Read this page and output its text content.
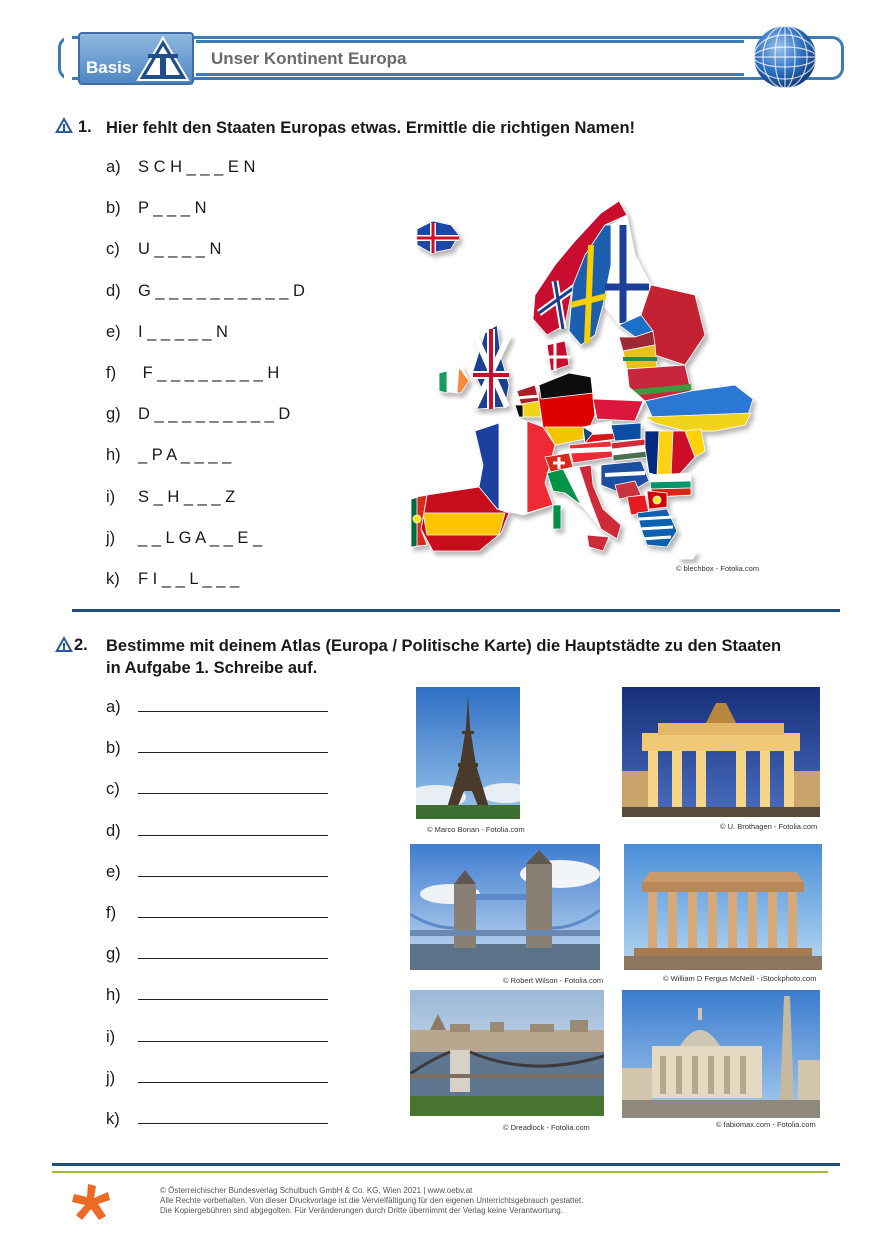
Basis	Unser Kontinent Europa
1. Hier fehlt den Staaten Europas etwas. Ermittle die richtigen Namen!
a) S C H _ _ _ E N
b) P _ _ _ N
c) U _ _ _ _ N
d) G _ _ _ _ _ _ _ _ _ _ D
e) I _ _ _ _ _ N
f) F _ _ _ _ _ _ _ _ H
g) D _ _ _ _ _ _ _ _ _ D
h) _ P A _ _ _ _
i) S _ H _ _ _ Z
j) _ _ L G A _ _ E _
k) F I _ _ L _ _ _
© blechbox - Fotolia.com
2. Bestimme mit deinem Atlas (Europa / Politische Karte) die Hauptstädte zu den Staaten
in Aufgabe 1. Schreibe auf.
a)
b)
c)
d)
e)
f)
g)
h)
i)
j)
k)
© Marco Bonan - Fotolia.com	© U. Brothagen - Fotolia.com
© Robert Wilson - Fotolia.com	© William D Fergus McNeill - iStockphoto.com
© Dreadlock - Fotolia.com	© fabiomax.com - Fotolia.com
© Österreichischer Bundesverlag Schulbuch GmbH & Co. KG, Wien 2021 | www.oebv.at
Alle Rechte vorbehalten. Von dieser Druckvorlage ist die Vervielfältigung für den eigenen Unterrichtsgebrauch gestattet.
Die Kopiergebühren sind abgegolten. Für Veränderungen durch Dritte übernimmt der Verlag keine Verantwortung.
